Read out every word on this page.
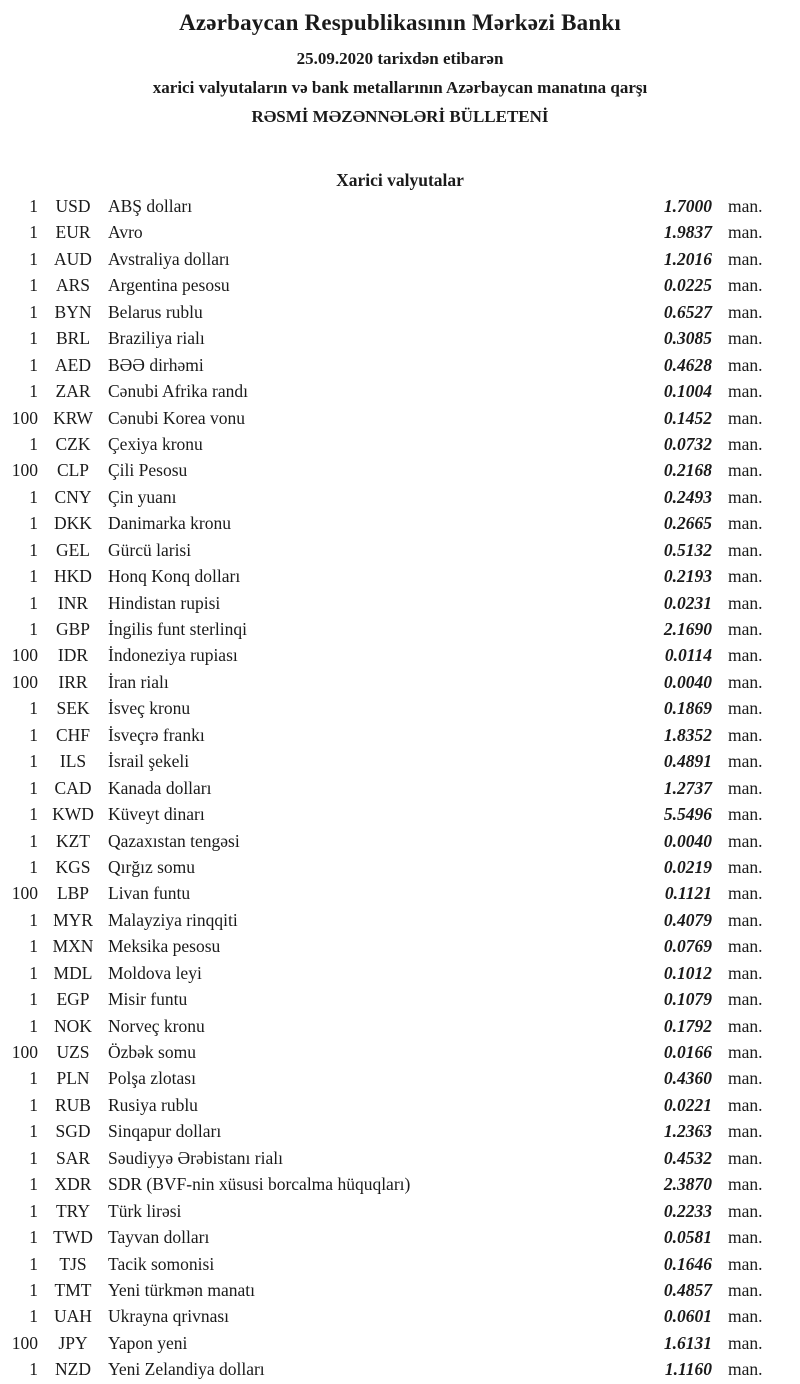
Azərbaycan Respublikasının Mərkəzi Bankı

25.09.2020 tarixdən etibarən

xarici valyutaların və bank metallarının Azərbaycan manatına qarşı

RƏSMİ MƏZƏNNƏLƏRİ BÜLLETENİ

Xarici valyutalar
1 USD	ABŞ dolları	1.7000 man.
1	EUR	Avro	1.9837 man.
1 AUD Avstraliya dolları	1.2016 man.
1	ARS	Argentina pesosu	0.0225 man.
1 BYN Belarus rublu	0.6527 man.
1	BRL	Braziliya rialı	0.3085 man.
1 AED BƏƏ dirhəmi	0.4628 man.
1	ZAR	Cənubi Afrika randı	0.1004 man.
100 KRW Cənubi Korea vonu	0.1452 man.
1	CZK	Çexiya kronu	0.0732 man.
100	CLP	Çili Pesosu	0.2168 man.
1 CNY Çin yuanı	0.2493 man.
1 DKK Danimarka kronu	0.2665 man.
1	GEL	Gürcü larisi	0.5132 man.
1 HKD Honq Konq dolları	0.2193 man.
1	INR	Hindistan rupisi	0.0231 man.
1	GBP	İngilis funt sterlinqi	2.1690 man.
100	IDR	İndoneziya rupiası	0.0114 man.
100	IRR	İran rialı	0.0040 man.
1	SEK	İsveç kronu	0.1869 man.
1	CHF	İsveçrə frankı	1.8352 man.
1	ILS	İsrail şekeli	0.4891 man.
1 CAD Kanada dolları	1.2737 man.
1 KWD Küveyt dinarı	5.5496 man.
1	KZT	Qazaxıstan tengəsi	0.0040 man.
1 KGS	Qırğız somu	0.0219 man.
100	LBP	Livan funtu	0.1121 man.
1 MYR Malayziya rinqqiti	0.4079 man.
1 MXN Meksika pesosu	0.0769 man.
1 MDL Moldova leyi	0.1012 man.
1	EGP	Misir funtu	0.1079 man.
1 NOK Norveç kronu	0.1792 man.
100	UZS	Özbək somu	0.0166 man.
1	PLN	Polşa zlotası	0.4360 man.
1 RUB Rusiya rublu	0.0221 man.
1 SGD	Sinqapur dolları	1.2363 man.
1	SAR	Səudiyyə Ərəbistanı rialı	0.4532 man.
1 XDR SDR (BVF-nin xüsusi borcalma hüquqları)	2.3870 man.
1	TRY	Türk lirəsi	0.2233 man.
1 TWD Tayvan dolları	0.0581 man.
1	TJS	Tacik somonisi	0.1646 man.
1 TMT Yeni türkmən manatı	0.4857 man.
1 UAH Ukrayna qrivnası	0.0601 man.
100	JPY	Yapon yeni	1.6131 man.
1 NZD Yeni Zelandiya dolları	1.1160 man.
